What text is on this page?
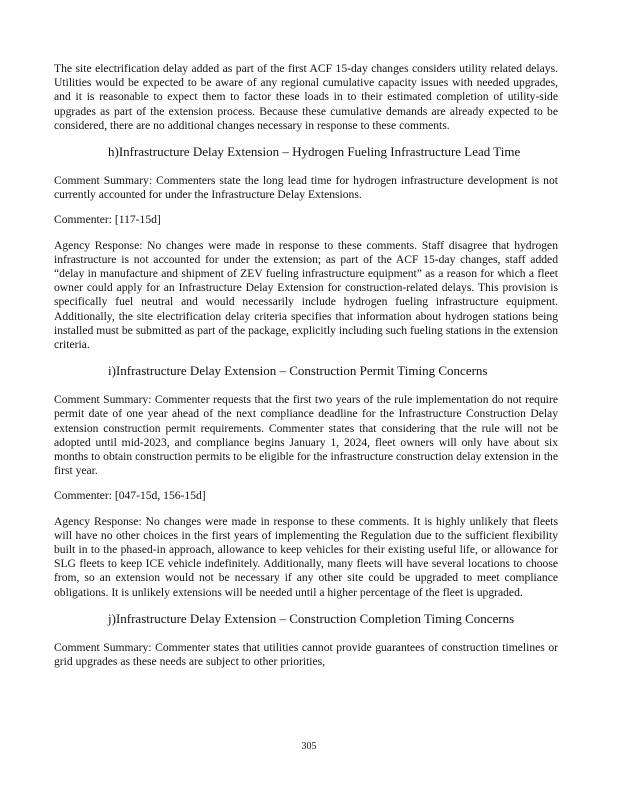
The site electrification delay added as part of the first ACF 15-day changes considers utility related delays. Utilities would be expected to be aware of any regional cumulative capacity issues with needed upgrades, and it is reasonable to expect them to factor these loads in to their estimated completion of utility-side upgrades as part of the extension process. Because these cumulative demands are already expected to be considered, there are no additional changes necessary in response to these comments.

h)Infrastructure Delay Extension – Hydrogen Fueling Infrastructure Lead Time

Comment Summary: Commenters state the long lead time for hydrogen infrastructure development is not currently accounted for under the Infrastructure Delay Extensions.

Commenter: [117-15d]

Agency Response: No changes were made in response to these comments. Staff disagree that hydrogen infrastructure is not accounted for under the extension; as part of the ACF 15-day changes, staff added “delay in manufacture and shipment of ZEV fueling infrastructure equipment” as a reason for which a fleet owner could apply for an Infrastructure Delay Extension for construction-related delays. This provision is specifically fuel neutral and would necessarily include hydrogen fueling infrastructure equipment. Additionally, the site electrification delay criteria specifies that information about hydrogen stations being installed must be submitted as part of the package, explicitly including such fueling stations in the extension criteria.

i)Infrastructure Delay Extension – Construction Permit Timing Concerns

Comment Summary: Commenter requests that the first two years of the rule implementation do not require permit date of one year ahead of the next compliance deadline for the Infrastructure Construction Delay extension construction permit requirements. Commenter states that considering that the rule will not be adopted until mid-2023, and compliance begins January 1, 2024, fleet owners will only have about six months to obtain construction permits to be eligible for the infrastructure construction delay extension in the first year.

Commenter: [047-15d, 156-15d]

Agency Response: No changes were made in response to these comments. It is highly unlikely that fleets will have no other choices in the first years of implementing the Regulation due to the sufficient flexibility built in to the phased-in approach, allowance to keep vehicles for their existing useful life, or allowance for SLG fleets to keep ICE vehicle indefinitely. Additionally, many fleets will have several locations to choose from, so an extension would not be necessary if any other site could be upgraded to meet compliance obligations. It is unlikely extensions will be needed until a higher percentage of the fleet is upgraded.

j)Infrastructure Delay Extension – Construction Completion Timing Concerns

Comment Summary: Commenter states that utilities cannot provide guarantees of construction timelines or grid upgrades as these needs are subject to other priorities,

305
